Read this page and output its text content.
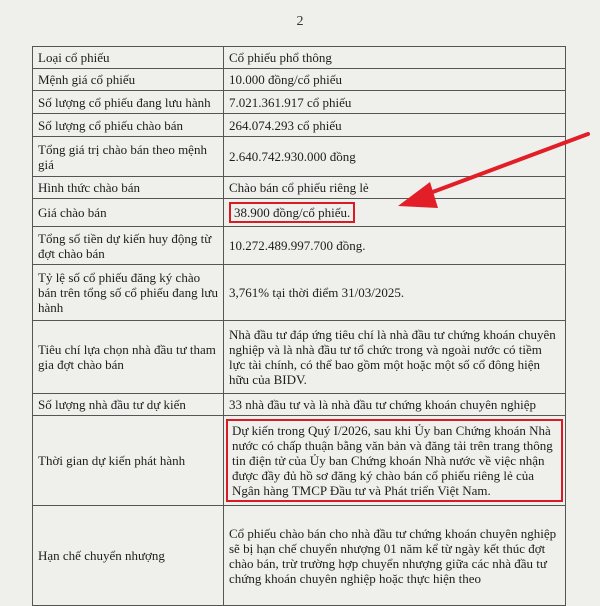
2
Loại cổ phiếu	Cổ phiếu phổ thông
Mệnh giá cổ phiếu	10.000 đồng/cổ phiếu
Số lượng cổ phiếu đang lưu hành	7.021.361.917 cổ phiếu
Số lượng cổ phiếu chào bán	264.074.293 cổ phiếu
Tổng giá trị chào bán theo mệnh giá	2.640.742.930.000 đồng
Hình thức chào bán	Chào bán cổ phiếu riêng lẻ
Giá chào bán	38.900 đồng/cổ phiếu.
Tổng số tiền dự kiến huy động từ đợt chào bán	10.272.489.997.700 đồng.
Tỷ lệ số cổ phiếu đăng ký chào bán trên tổng số cổ phiếu đang lưu hành	3,761% tại thời điểm 31/03/2025.
Tiêu chí lựa chọn nhà đầu tư tham gia đợt chào bán	Nhà đầu tư đáp ứng tiêu chí là nhà đầu tư chứng khoán chuyên nghiệp và là nhà đầu tư tổ chức trong và ngoài nước có tiềm lực tài chính, có thể bao gồm một hoặc một số cổ đông hiện hữu của BIDV.
Số lượng nhà đầu tư dự kiến	33 nhà đầu tư và là nhà đầu tư chứng khoán chuyên nghiệp
Thời gian dự kiến phát hành	Dự kiến trong Quý I/2026, sau khi Ủy ban Chứng khoán Nhà nước có chấp thuận bằng văn bản và đăng tải trên trang thông tin điện tử của Ủy ban Chứng khoán Nhà nước về việc nhận được đầy đủ hồ sơ đăng ký chào bán cổ phiếu riêng lẻ của Ngân hàng TMCP Đầu tư và Phát triển Việt Nam.

Hạn chế chuyển nhượng	Cổ phiếu chào bán cho nhà đầu tư chứng khoán chuyên nghiệp sẽ bị hạn chế chuyển nhượng 01 năm kể từ ngày kết thúc đợt chào bán, trừ trường hợp chuyển nhượng giữa các nhà đầu tư chứng khoán chuyên nghiệp hoặc thực hiện theo
